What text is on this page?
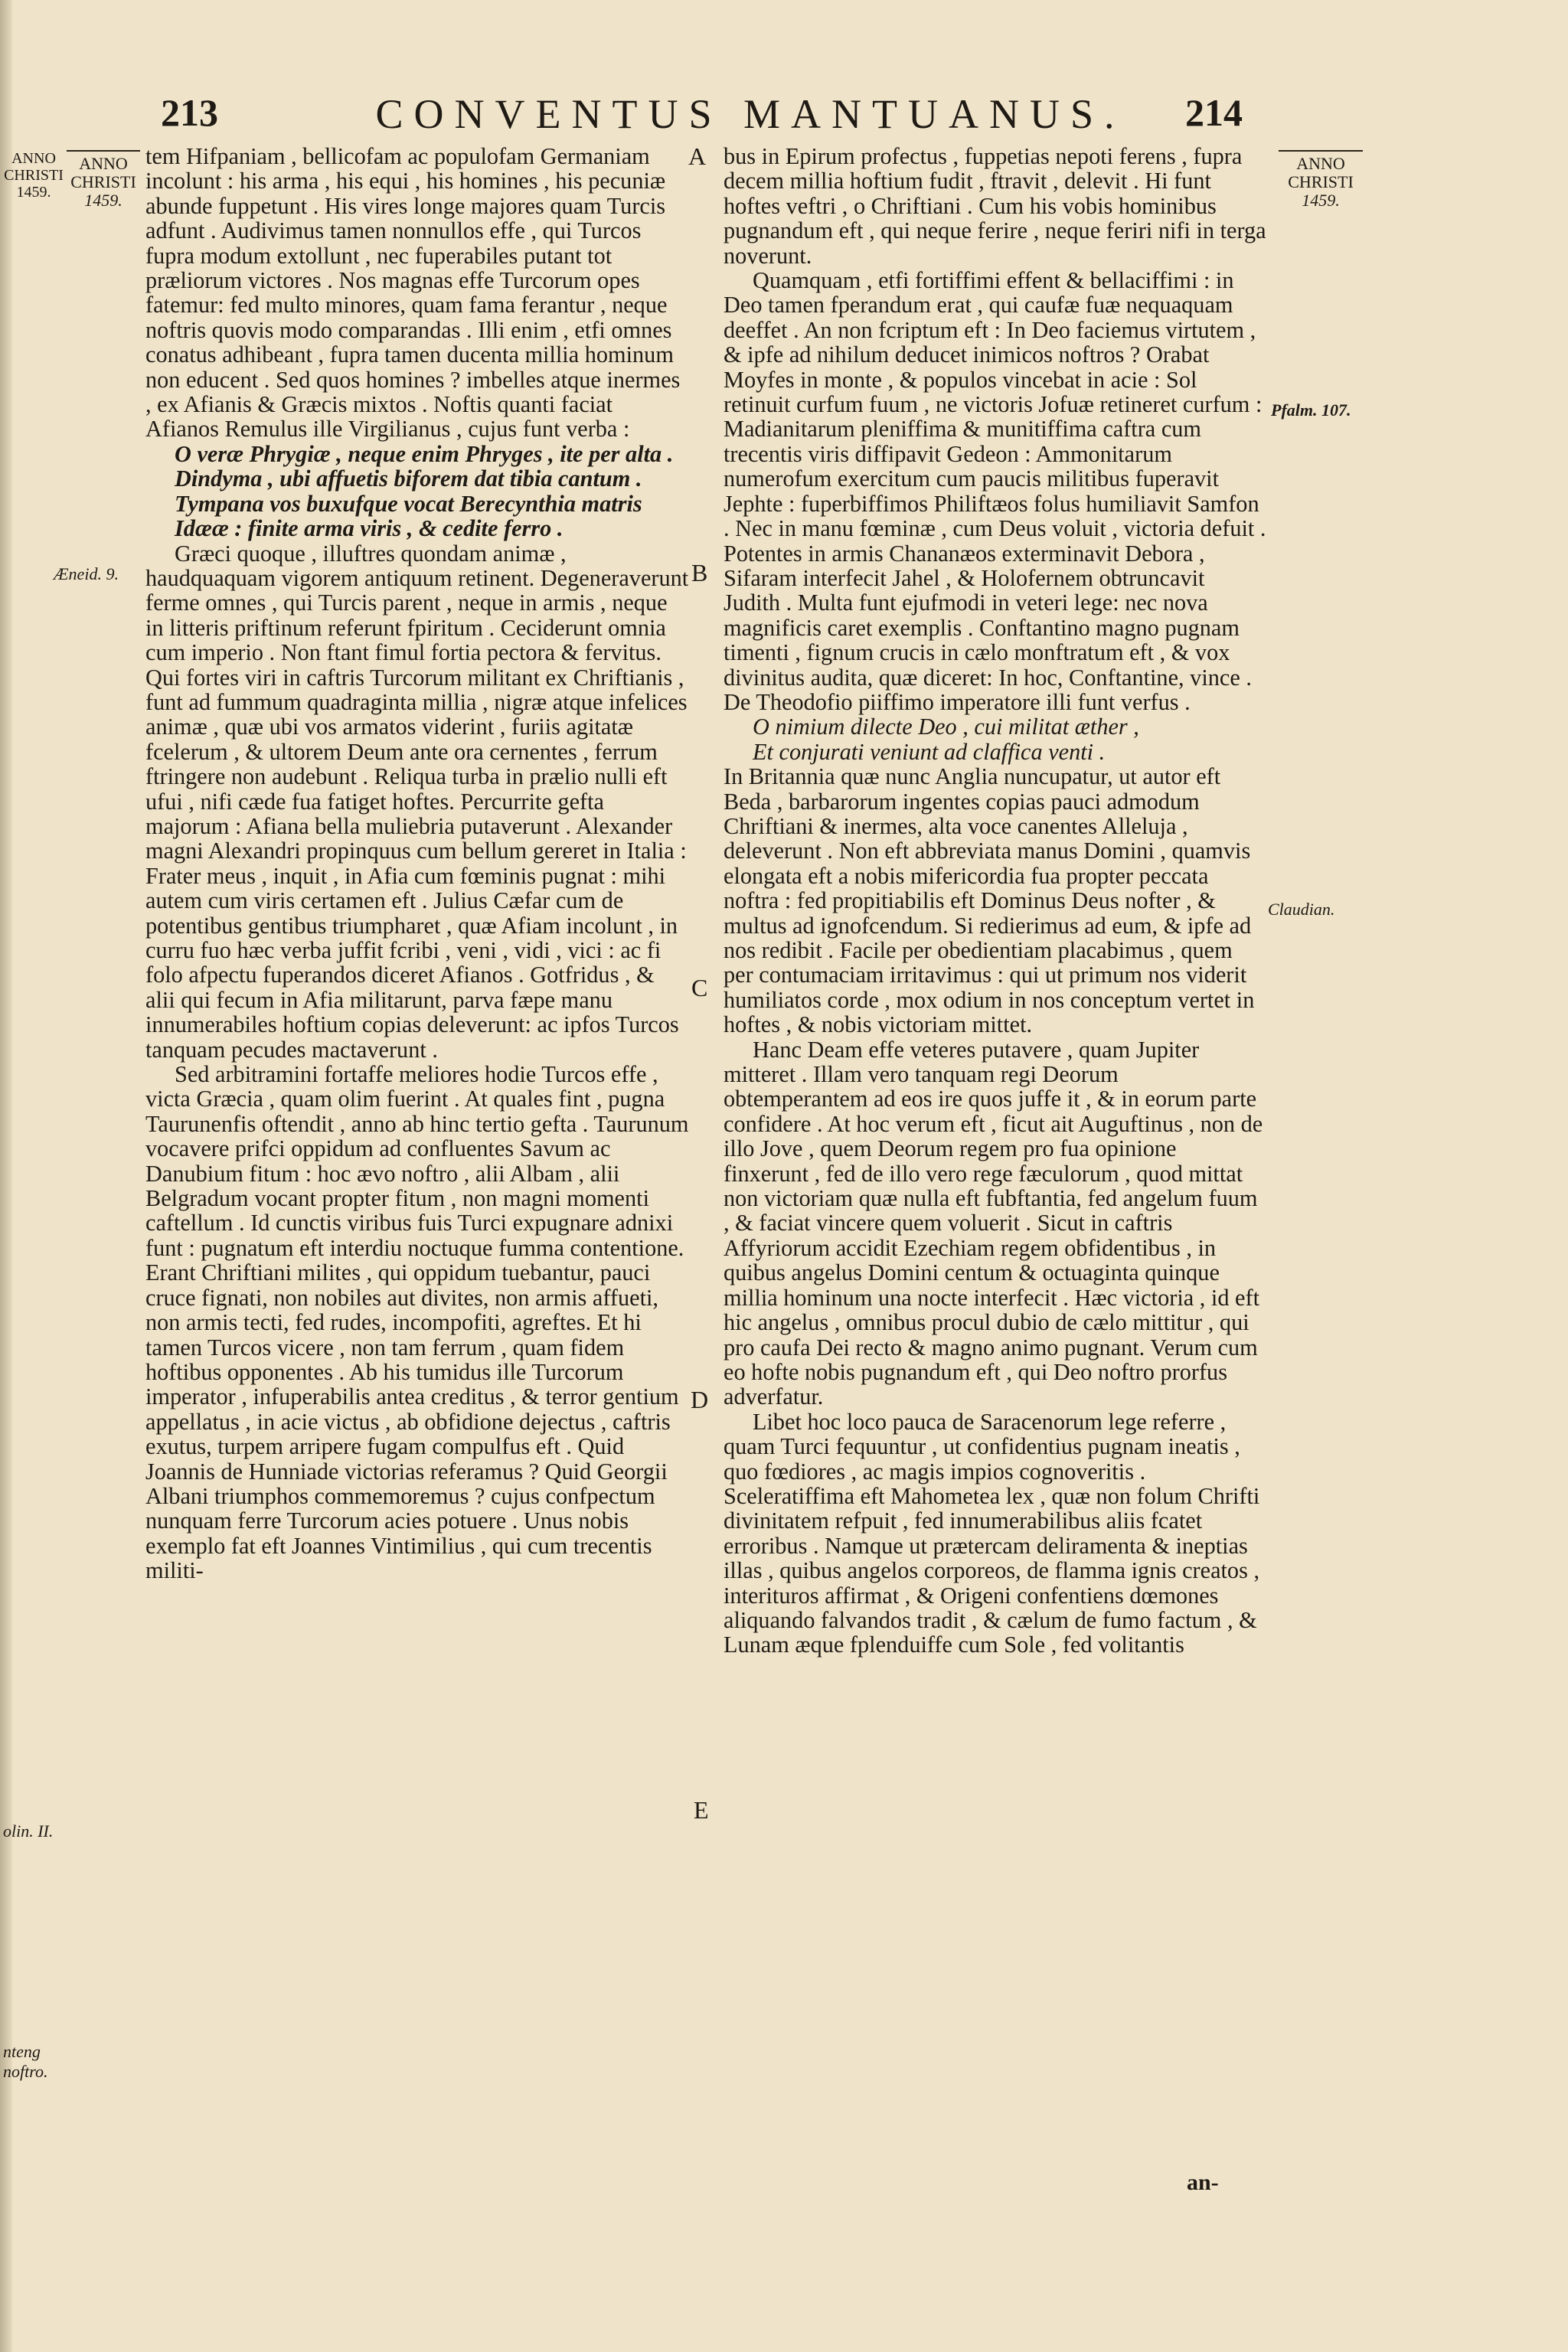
213	CONVENTUS MANTUANUS.	214
ANNO CHRISTI 1459.
ANNO
CHRISTI
1459.
Æneid. 9.
olin. II.
nteng
noftro.
ANNO
CHRISTI
1459.
Pfalm. 107.
Claudian.
A
B
C
D
E

tem Hifpaniam , bellicofam ac populofam Germaniam incolunt : his arma , his equi , his homines , his pecuniæ abunde fuppetunt . His vires longe majores quam Turcis adfunt . Audivimus tamen nonnullos effe , qui Turcos fupra modum extollunt , nec fuperabiles putant tot præliorum victores . Nos magnas effe Turcorum opes fatemur: fed multo minores, quam fama ferantur , neque noftris quovis modo comparandas . Illi enim , etfi omnes conatus adhibeant , fupra tamen ducenta millia hominum non educent . Sed quos homines ? imbelles atque inermes , ex Afianis & Græcis mixtos . Noftis quanti faciat Afianos Remulus ille Virgilianus , cujus funt verba :

O veræ Phrygiæ , neque enim Phryges , ite per alta .

Dindyma , ubi affuetis biforem dat tibia cantum .

Tympana vos buxufque vocat Berecynthia matris

Idææ : finite arma viris , & cedite ferro .

Græci quoque , illuftres quondam animæ , haudquaquam vigorem antiquum retinent. Degeneraverunt ferme omnes , qui Turcis parent , neque in armis , neque in litteris priftinum referunt fpiritum . Ceciderunt omnia cum imperio . Non ftant fimul fortia pectora & fervitus. Qui fortes viri in caftris Turcorum militant ex Chriftianis , funt ad fummum quadraginta millia , nigræ atque infelices animæ , quæ ubi vos armatos viderint , furiis agitatæ fcelerum , & ultorem Deum ante ora cernentes , ferrum ftringere non audebunt . Reliqua turba in prælio nulli eft ufui , nifi cæde fua fatiget hoftes. Percurrite gefta majorum : Afiana bella muliebria putaverunt . Alexander magni Alexandri propinquus cum bellum gereret in Italia : Frater meus , inquit , in Afia cum fœminis pugnat : mihi autem cum viris certamen eft . Julius Cæfar cum de potentibus gentibus triumpharet , quæ Afiam incolunt , in curru fuo hæc verba juffit fcribi , veni , vidi , vici : ac fi folo afpectu fuperandos diceret Afianos . Gotfridus , & alii qui fecum in Afia militarunt, parva fæpe manu innumerabiles hoftium copias deleverunt: ac ipfos Turcos tanquam pecudes mactaverunt .

Sed arbitramini fortaffe meliores hodie Turcos effe , victa Græcia , quam olim fuerint . At quales fint , pugna Taurunenfis oftendit , anno ab hinc tertio gefta . Taurunum vocavere prifci oppidum ad confluentes Savum ac Danubium fitum : hoc ævo noftro , alii Albam , alii Belgradum vocant propter fitum , non magni momenti caftellum . Id cunctis viribus fuis Turci expugnare adnixi funt : pugnatum eft interdiu noctuque fumma contentione. Erant Chriftiani milites , qui oppidum tuebantur, pauci cruce fignati, non nobiles aut divites, non armis affueti, non armis tecti, fed rudes, incompofiti, agreftes. Et hi tamen Turcos vicere , non tam ferrum , quam fidem hoftibus opponentes . Ab his tumidus ille Turcorum imperator , infuperabilis antea creditus , & terror gentium appellatus , in acie victus , ab obfidione dejectus , caftris exutus, turpem arripere fugam compulfus eft . Quid Joannis de Hunniade victorias referamus ? Quid Georgii Albani triumphos commemoremus ? cujus confpectum nunquam ferre Turcorum acies potuere . Unus nobis exemplo fat eft Joannes Vintimilius , qui cum trecentis militi-

bus in Epirum profectus , fuppetias nepoti ferens , fupra decem millia hoftium fudit , ftravit , delevit . Hi funt hoftes veftri , o Chriftiani . Cum his vobis hominibus pugnandum eft , qui neque ferire , neque feriri nifi in terga noverunt.

Quamquam , etfi fortiffimi effent & bellaciffimi : in Deo tamen fperandum erat , qui caufæ fuæ nequaquam deeffet . An non fcriptum eft : In Deo faciemus virtutem , & ipfe ad nihilum deducet inimicos noftros ? Orabat Moyfes in monte , & populos vincebat in acie : Sol retinuit curfum fuum , ne victoris Jofuæ retineret curfum : Madianitarum pleniffima & munitiffima caftra cum trecentis viris diffipavit Gedeon : Ammonitarum numerofum exercitum cum paucis militibus fuperavit Jephte : fuperbiffimos Philiftæos folus humiliavit Samfon . Nec in manu fœminæ , cum Deus voluit , victoria defuit . Potentes in armis Chananæos exterminavit Debora , Sifaram interfecit Jahel , & Holofernem obtruncavit Judith . Multa funt ejufmodi in veteri lege: nec nova magnificis caret exemplis . Conftantino magno pugnam timenti , fignum crucis in cælo monftratum eft , & vox divinitus audita, quæ diceret: In hoc, Conftantine, vince . De Theodofio piiffimo imperatore illi funt verfus .

O nimium dilecte Deo , cui militat æther ,

Et conjurati veniunt ad claffica venti .

In Britannia quæ nunc Anglia nuncupatur, ut autor eft Beda , barbarorum ingentes copias pauci admodum Chriftiani & inermes, alta voce canentes Alleluja , deleverunt . Non eft abbreviata manus Domini , quamvis elongata eft a nobis mifericordia fua propter peccata noftra : fed propitiabilis eft Dominus Deus nofter , & multus ad ignofcendum. Si redierimus ad eum, & ipfe ad nos redibit . Facile per obedientiam placabimus , quem per contumaciam irritavimus : qui ut primum nos viderit humiliatos corde , mox odium in nos conceptum vertet in hoftes , & nobis victoriam mittet.

Hanc Deam effe veteres putavere , quam Jupiter mitteret . Illam vero tanquam regi Deorum obtemperantem ad eos ire quos juffe it , & in eorum parte confidere . At hoc verum eft , ficut ait Auguftinus , non de illo Jove , quem Deorum regem pro fua opinione finxerunt , fed de illo vero rege fæculorum , quod mittat non victoriam quæ nulla eft fubftantia, fed angelum fuum , & faciat vincere quem voluerit . Sicut in caftris Affyriorum accidit Ezechiam regem obfidentibus , in quibus angelus Domini centum & octuaginta quinque millia hominum una nocte interfecit . Hæc victoria , id eft hic angelus , omnibus procul dubio de cælo mittitur , qui pro caufa Dei recto & magno animo pugnant. Verum cum eo hofte nobis pugnandum eft , qui Deo noftro prorfus adverfatur.

Libet hoc loco pauca de Saracenorum lege referre , quam Turci fequuntur , ut confidentius pugnam ineatis , quo fœdiores , ac magis impios cognoveritis . Sceleratiffima eft Mahometea lex , quæ non folum Chrifti divinitatem refpuit , fed innumerabilibus aliis fcatet erroribus . Namque ut prætercam deliramenta & ineptias illas , quibus angelos corporeos, de flamma ignis creatos , interituros affirmat , & Origeni confentiens dœmones aliquando falvandos tradit , & cælum de fumo factum , & Lunam æque fplenduiffe cum Sole , fed volitantis

an-
